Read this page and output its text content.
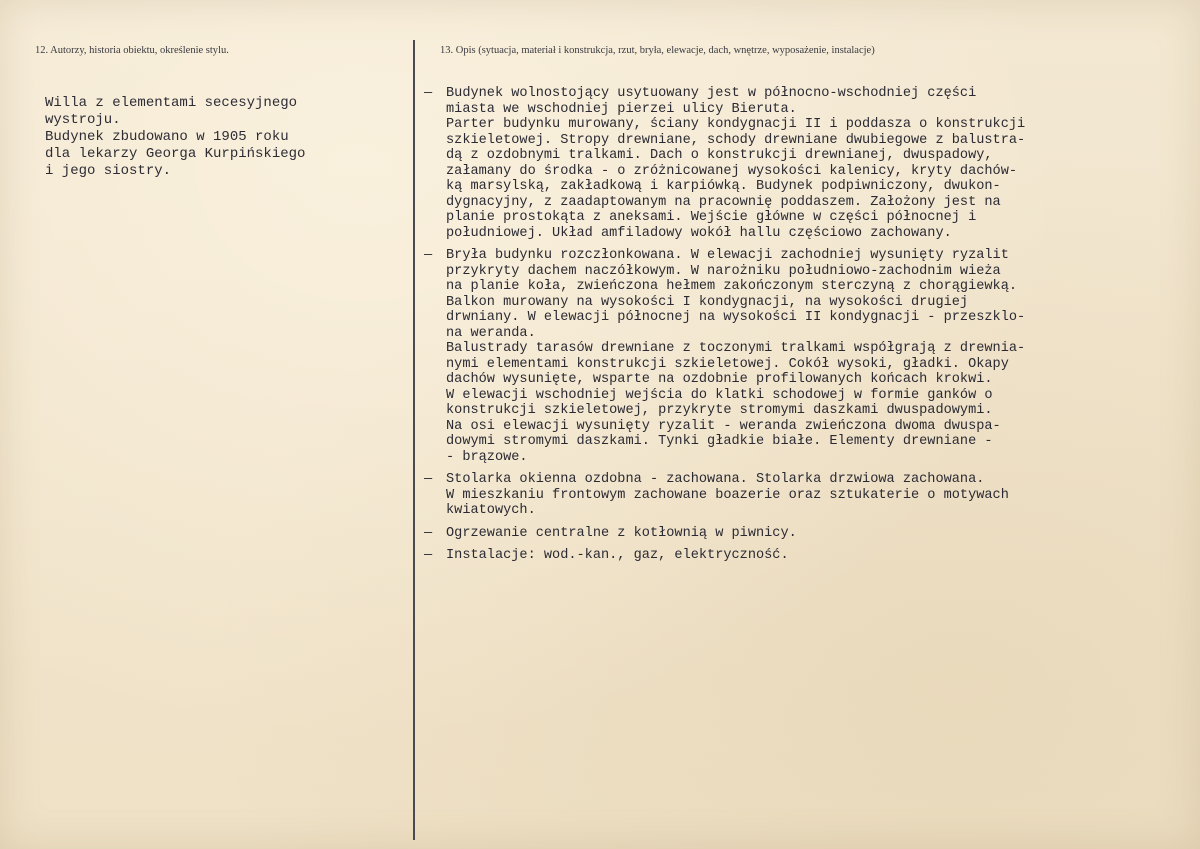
12. Autorzy, historia obiektu, określenie stylu.	13. Opis (sytuacja, materiał i konstrukcja, rzut, bryła, elewacje, dach, wnętrze, wyposażenie, instalacje)
Willa z elementami secesyjnego
wystroju.
Budynek zbudowano w 1905 roku
dla lekarzy Georga Kurpińskiego
i jego siostry.
— Budynek wolnostojący usytuowany jest w północno-wschodniej części
miasta we wschodniej pierzei ulicy Bieruta.
Parter budynku murowany, ściany kondygnacji II i poddasza o konstrukcji
szkieletowej. Stropy drewniane, schody drewniane dwubiegowe z balustra-
dą z ozdobnymi tralkami. Dach o konstrukcji drewnianej, dwuspadowy,
załamany do środka - o zróżnicowanej wysokości kalenicy, kryty dachów-
ką marsylską, zakładkową i karpiówką. Budynek podpiwniczony, dwukon-
dygnacyjny, z zaadaptowanym na pracownię poddaszem. Założony jest na
planie prostokąta z aneksami. Wejście główne w części północnej i
południowej. Układ amfiladowy wokół hallu częściowo zachowany.
— Bryła budynku rozczłonkowana. W elewacji zachodniej wysunięty ryzalit
przykryty dachem naczółkowym. W narożniku południowo-zachodnim wieża
na planie koła, zwieńczona hełmem zakończonym sterczyną z chorągiewką.
Balkon murowany na wysokości I kondygnacji, na wysokości drugiej
drwniany. W elewacji północnej na wysokości II kondygnacji - przeszklo-
na weranda.
Balustrady tarasów drewniane z toczonymi tralkami współgrają z drewnia-
nymi elementami konstrukcji szkieletowej. Cokół wysoki, gładki. Okapy
dachów wysunięte, wsparte na ozdobnie profilowanych końcach krokwi.
W elewacji wschodniej wejścia do klatki schodowej w formie ganków o
konstrukcji szkieletowej, przykryte stromymi daszkami dwuspadowymi.
Na osi elewacji wysunięty ryzalit - weranda zwieńczona dwoma dwuspa-
dowymi stromymi daszkami. Tynki gładkie białe. Elementy drewniane -
- brązowe.
— Stolarka okienna ozdobna - zachowana. Stolarka drzwiowa zachowana.
W mieszkaniu frontowym zachowane boazerie oraz sztukaterie o motywach
kwiatowych.
— Ogrzewanie centralne z kotłownią w piwnicy.
— Instalacje: wod.-kan., gaz, elektryczność.
